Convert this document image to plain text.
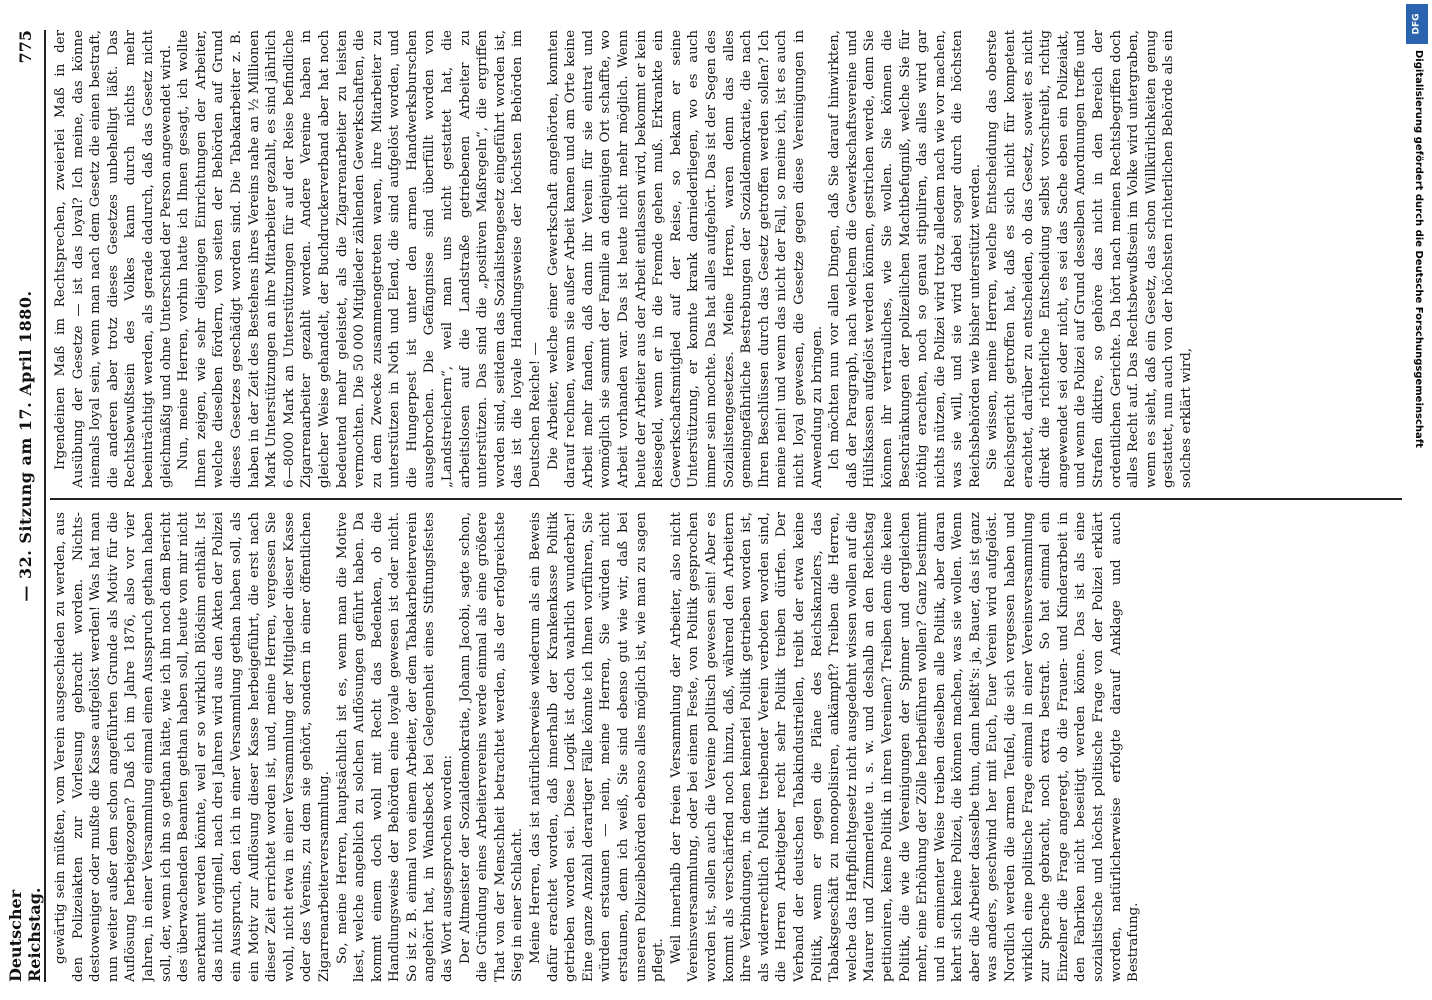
Deutscher Reichstag.
— 32. Sitzung am 17. April 1880.
775

gewärtig sein müßten, vom Verein ausgeschieden zu werden, aus den Polizeiakten zur Vorlesung gebracht worden. Nichts-destoweniger oder mußte die Kasse aufgelöst werden! Was hat man nun weiter außer dem schon angeführten Grunde als Motiv für die Auflösung herbeigezogen? Daß ich im Jahre 1876, also vor vier Jahren, in einer Versammlung einmal einen Ausspruch gethan haben soll, der, wenn ich ihn so gethan hätte, wie ich ihn noch dem Bericht des überwachenden Beamten gethan haben soll, heute von mir nicht anerkannt werden könnte, weil er so wirklich Blödsinn enthält. Ist das nicht originell, nach drei Jahren wird aus den Akten der Polizei ein Ausspruch, den ich in einer Versammlung gethan haben soll, als ein Motiv zur Auflösung dieser Kasse herbeigeführt, die erst nach dieser Zeit errichtet worden ist, und, meine Herren, vergessen Sie wohl, nicht etwa in einer Versammlung der Mitglieder dieser Kasse oder des Vereins, zu dem sie gehört, sondern in einer öffentlichen Zigarrenarbeiterversammlung. So, meine Herren, hauptsächlich ist es, wenn man die Motive liest, welche angeblich zu solchen Auflösungen geführt haben. Da kommt einem doch wohl mit Recht das Bedenken, ob die Handlungsweise der Behörden eine loyale gewesen ist oder nicht. So ist z. B. einmal von einem Arbeiter, der dem Tabakarbeiterverein angehört hat, in Wandsbeck bei Gelegenheit eines Stiftungsfestes das Wort ausgesprochen worden: Der Altmeister der Sozialdemokratie, Johann Jacobi, sagte schon, die Gründung eines Arbeitervereins werde einmal als eine größere That von der Menschheit betrachtet werden, als der erfolgreichste Sieg in einer Schlacht. Meine Herren, das ist natürlicherweise wiederum als ein Beweis dafür erachtet worden, daß innerhalb der Krankenkasse Politik getrieben worden sei. Diese Logik ist doch wahrlich wunderbar! Eine ganze Anzahl derartiger Fälle könnte ich Ihnen vorführen, Sie würden erstaunen — nein, meine Herren, Sie würden nicht erstaunen, denn ich weiß, Sie sind ebenso gut wie wir, daß bei unseren Polizeibehörden ebenso alles möglich ist, wie man zu sagen pflegt. Weil innerhalb der freien Versammlung der Arbeiter, also nicht Vereinsversammlung, oder bei einem Feste, von Politik gesprochen worden ist, sollen auch die Vereine politisch gewesen sein! Aber es kommt als verschärfend noch hinzu, daß, während den Arbeitern ihre Verbindungen, in denen keinerlei Politik getrieben worden ist, als widerrechtlich Politik treibender Verein verboten worden sind, die Herren Arbeitgeber recht sehr Politik treiben dürfen. Der Verband der deutschen Tabakindustriellen, treibt der etwa keine Politik, wenn er gegen die Pläne des Reichskanzlers, das Tabaksgeschäft zu monopolisiren, ankämpft? Treiben die Herren, welche das Haftpflichtgesetz nicht ausgedehnt wissen wollen auf die Maurer und Zimmerleute u. s. w. und deshalb an den Reichstag petitioniren, keine Politik in ihren Vereinen? Treiben denn die keine Politik, die wie die Vereinigungen der Spinner und dergleichen mehr, eine Erhöhung der Zölle herbeiführen wollen? Ganz bestimmt und in eminenter Weise treiben dieselben alle Politik, aber daran kehrt sich keine Polizei, die können machen, was sie wollen. Wenn aber die Arbeiter dasselbe thun, dann heißt's: ja, Bauer, das ist ganz was anders, geschwind her mit Euch, Euer Verein wird aufgelöst. Nordlich werden die armen Teufel, die sich vergessen haben und wirklich eine politische Frage einmal in einer Vereinsversammlung zur Sprache gebracht, noch extra bestraft. So hat einmal ein Einzelner die Frage angeregt, ob die Frauen- und Kinderarbeit in den Fabriken nicht beseitigt werden könne. Das ist als eine sozialistische und höchst politische Frage von der Polizei erklärt worden, natürlicherweise erfolgte darauf Anklage und auch Bestrafung.

Irgendeinen Maß im Rechtsprechen, zweierlei Maß in der Ausübung der Gesetze — ist das loyal? Ich meine, das könne niemals loyal sein, wenn man nach dem Gesetz die einen bestraft, die anderen aber trotz dieses Gesetzes unbehelligt läßt. Das Rechtsbewußtsein des Volkes kann durch nichts mehr beeinträchtigt werden, als gerade dadurch, daß das Gesetz nicht gleichmäßig und ohne Unterschied der Person angewendet wird. Nun, meine Herren, vorhin hatte ich Ihnen gesagt, ich wollte Ihnen zeigen, wie sehr diejenigen Einrichtungen der Arbeiter, welche dieselben fördern, von seiten der Behörden auf Grund dieses Gesetzes geschädigt worden sind. Die Tabakarbeiter z. B. haben in der Zeit des Bestehens ihres Vereins nahe an ½ Millionen Mark Unterstützungen an ihre Mitarbeiter gezahlt, es sind jährlich 6—8000 Mark an Unterstützungen für auf der Reise befindliche Zigarrenarbeiter gezahlt worden. Andere Vereine haben in gleicher Weise gehandelt, der Buchdruckerverband aber hat noch bedeutend mehr geleistet, als die Zigarrenarbeiter zu leisten vermochten. Die 50 000 Mitglieder zählenden Gewerkschaften, die zu dem Zwecke zusammengetreten waren, ihre Mitarbeiter zu unterstützen in Noth und Elend, die sind aufgelöst worden, und die Hungerpest ist unter den armen Handwerksburschen ausgebrochen. Die Gefängnisse sind überfüllt worden von „Landstreichern“, weil man uns nicht gestattet hat, die arbeitslosen auf die Landstraße getriebenen Arbeiter zu unterstützen. Das sind die „positiven Maßregeln“, die ergriffen worden sind, seitdem das Sozialistengesetz eingeführt worden ist, das ist die loyale Handlungsweise der höchsten Behörden im Deutschen Reiche! — Die Arbeiter, welche einer Gewerkschaft angehörten, konnten darauf rechnen, wenn sie außer Arbeit kamen und am Orte keine Arbeit mehr fanden, daß dann ihr Verein für sie eintrat und womöglich sie sammt der Familie an denjenigen Ort schaffte, wo Arbeit vorhanden war. Das ist heute nicht mehr möglich. Wenn heute der Arbeiter aus der Arbeit entlassen wird, bekommt er kein Reisegeld, wenn er in die Fremde gehen muß. Erkrankte ein Gewerkschaftsmitglied auf der Reise, so bekam er seine Unterstützung, er konnte krank darniederliegen, wo es auch immer sein mochte. Das hat alles aufgehört. Das ist der Segen des Sozialistengesetzes. Meine Herren, waren denn das alles gemeingefährliche Bestrebungen der Sozialdemokratie, die nach Ihren Beschlüssen durch das Gesetz getroffen werden sollen? Ich meine nein! und wenn das nicht der Fall, so meine ich, ist es auch nicht loyal gewesen, die Gesetze gegen diese Vereinigungen in Anwendung zu bringen. Ich möchten nun vor allen Dingen, daß Sie darauf hinwirkten, daß der Paragraph, nach welchem die Gewerkschaftsvereine und Hülfskassen aufgelöst werden können, gestrichen werde, denn Sie können ihr vertrauliches, wie Sie wollen. Sie können die Beschränkungen der polizeilichen Machtbefugniß, welche Sie für nöthig erachten, noch so genau stipuliren, das alles wird gar nichts nützen, die Polizei wird trotz alledem nach wie vor machen, was sie will, und sie wird dabei sogar durch die höchsten Reichsbehörden wie bisher unterstützt werden. Sie wissen, meine Herren, welche Entscheidung das oberste Reichsgericht getroffen hat, daß es sich nicht für kompetent erachtet, darüber zu entscheiden, ob das Gesetz, soweit es nicht direkt die richterliche Entscheidung selbst vorschreibt, richtig angewendet sei oder nicht, es sei das Sache eben ein Polizeiakt, und wenn die Polizei auf Grund desselben Anordnungen treffe und Strafen diktire, so gehöre das nicht in den Bereich der ordentlichen Gerichte. Da hört nach meinen Rechtsbegriffen doch alles Recht auf. Das Rechtsbewußtsein im Volke wird untergraben, wenn es sieht, daß ein Gesetz, das schon Willkürlichkeiten genug gestattet, nun auch von der höchsten richterlichen Behörde als ein solches erklärt wird,

DFG
Digitalisierung gefördert durch die Deutsche Forschungsgemeinschaft
